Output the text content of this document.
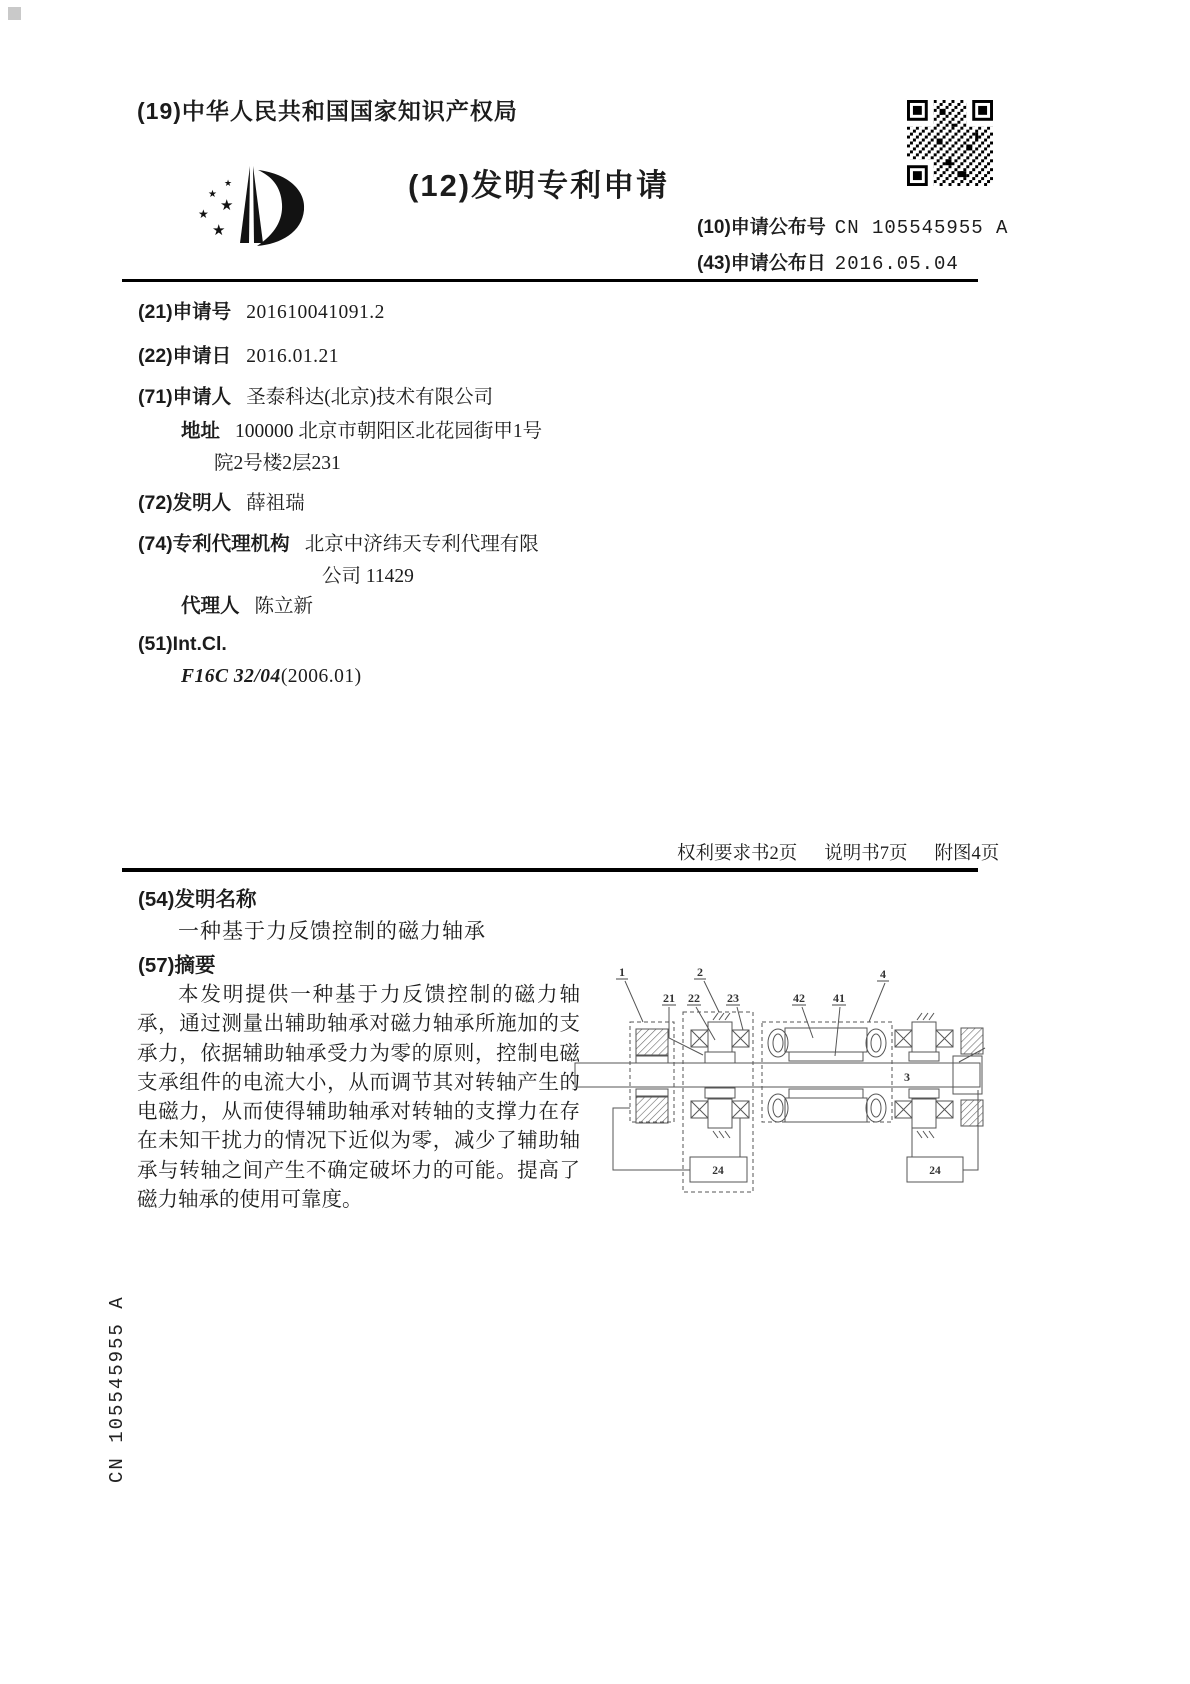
(19)中华人民共和国国家知识产权局
★
★
★
★
★
(12)发明专利申请
(10)申请公布号 CN 105545955 A
(43)申请公布日 2016.05.04
(21)申请号 201610041091.2
(22)申请日 2016.01.21
(71)申请人 圣泰科达(北京)技术有限公司
地址 100000 北京市朝阳区北花园街甲1号
院2号楼2层231
(72)发明人 薛祖瑞
(74)专利代理机构 北京中济纬天专利代理有限
公司 11429
代理人 陈立新
(51)Int.Cl.
F16C 32/04(2006.01)
权利要求书2页 说明书7页 附图4页
(54)发明名称
一种基于力反馈控制的磁力轴承
(57)摘要
本发明提供一种基于力反馈控制的磁力轴承，通过测量出辅助轴承对磁力轴承所施加的支承力，依据辅助轴承受力为零的原则，控制电磁支承组件的电流大小，从而调节其对转轴产生的电磁力，从而使得辅助轴承对转轴的支撑力在存在未知干扰力的情况下近似为零，减少了辅助轴承与转轴之间产生不确定破坏力的可能。提高了磁力轴承的使用可靠度。
1	2
21 22 23	42 41
4
3
24	24
CN 105545955 A
